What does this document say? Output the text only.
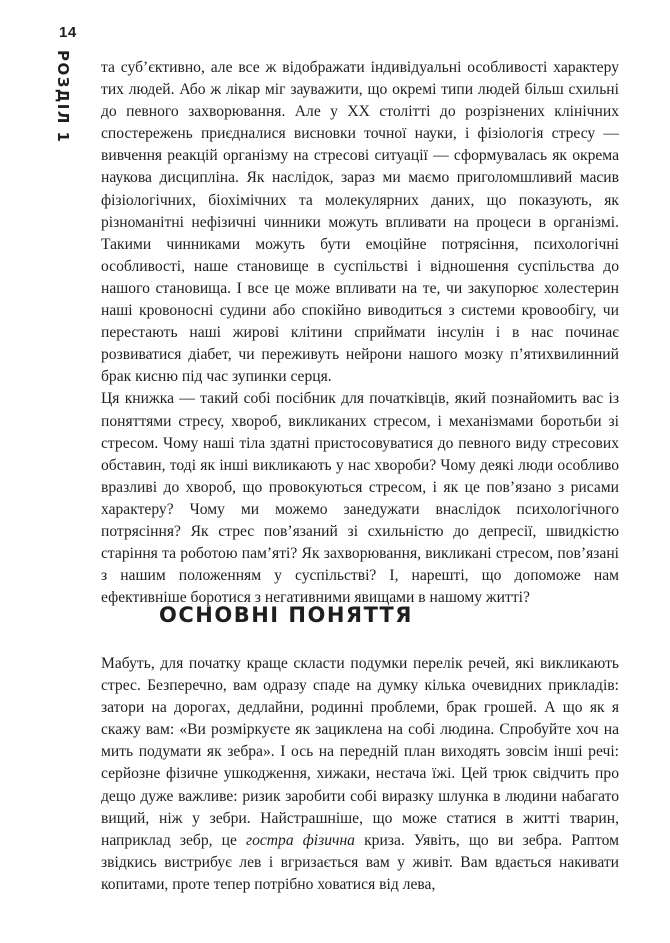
14
РОЗДІЛ 1 та суб’єктивно, але все ж відображати індивідуальні особливості характеру тих людей. Або ж лікар міг зауважити, що окремі типи людей більш схильні до певного захворювання. Але у XX столітті до розрізнених клінічних спостережень приєдналися висновки точної науки, і фізіологія стресу — вивчення реакцій організму на стресові ситуації — сформувалась як окрема наукова дисципліна. Як наслідок, зараз ми маємо приголомшливий масив фізіологічних, біохімічних та молекулярних даних, що показують, як різноманітні нефізичні чинники можуть впливати на процеси в організмі. Такими чинниками можуть бути емоційне потрясіння, психологічні особливості, наше становище в суспільстві і відношення суспільства до нашого становища. І все це може впливати на те, чи закупорює холестерин наші кровоносні судини або спокійно виводиться з системи кровообігу, чи перестають наші жирові клітини сприймати інсулін і в нас починає розвиватися діабет, чи переживуть нейрони нашого мозку п’ятихвилинний брак кисню під час зупинки серця.

Ця книжка — такий собі посібник для початківців, який познайомить вас із поняттями стресу, хвороб, викликаних стресом, і механізмами боротьби зі стресом. Чому наші тіла здатні пристосовуватися до певного виду стресових обставин, тоді як інші викликають у нас хвороби? Чому деякі люди особливо вразливі до хвороб, що провокуються стресом, і як це пов’язано з рисами характеру? Чому ми можемо занедужати внаслідок психологічного потрясіння? Як стрес пов’язаний зі схильністю до депресії, швидкістю старіння та роботою пам’яті? Як захворювання, викликані стресом, пов’язані з нашим положенням у суспільстві? І, нарешті, що допоможе нам ефективніше боротися з негативними явищами в нашому житті?

ОСНОВНІ ПОНЯТТЯ

Мабуть, для початку краще скласти подумки перелік речей, які викликають стрес. Безперечно, вам одразу спаде на думку кілька очевидних прикладів: затори на дорогах, дедлайни, родинні проблеми, брак грошей. А що як я скажу вам: «Ви розміркуєте як зациклена на собі людина. Спробуйте хоч на мить подумати як зебра». І ось на передній план виходять зовсім інші речі: серйозне фізичне ушкодження, хижаки, нестача їжі. Цей трюк свідчить про дещо дуже важливе: ризик заробити собі виразку шлунка в людини набагато вищий, ніж у зебри. Найстрашніше, що може статися в житті тварин, наприклад зебр, це гостра фізична криза. Уявіть, що ви зебра. Раптом звідкись вистрибує лев і вгризається вам у живіт. Вам вдається накивати копитами, проте тепер потрібно ховатися від лева,
